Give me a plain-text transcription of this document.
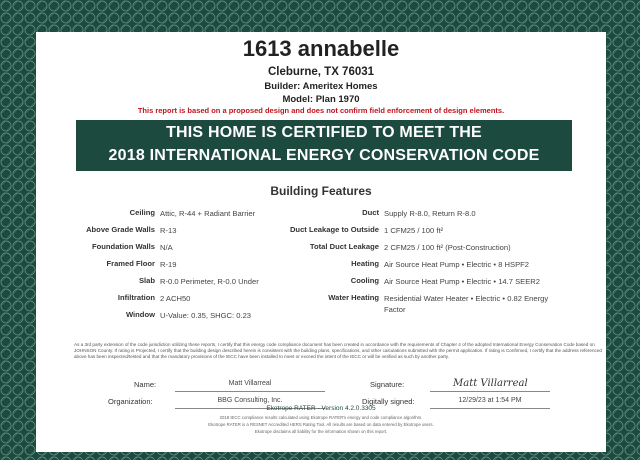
1613 annabelle
Cleburne, TX 76031
Builder: Ameritex Homes
Model: Plan 1970
This report is based on a proposed design and does not confirm field enforcement of design elements.
THIS HOME IS CERTIFIED TO MEET THE
2018 INTERNATIONAL ENERGY CONSERVATION CODE
Building Features
Ceiling Attic, R-44 + Radiant Barrier
Above Grade Walls R-13
Foundation Walls N/A
Framed Floor R-19
Slab R-0.0 Perimeter, R-0.0 Under
Infiltration 2 ACH50
Window U-Value: 0.35, SHGC: 0.23
Duct Supply R-8.0, Return R-8.0
Duct Leakage to Outside 1 CFM25 / 100 ft²
Total Duct Leakage 2 CFM25 / 100 ft² (Post-Construction)
Heating Air Source Heat Pump • Electric • 8 HSPF2
Cooling Air Source Heat Pump • Electric • 14.7 SEER2
Water Heating Residential Water Heater • Electric • 0.82 Energy Factor
As a 3rd party extension of the code jurisdiction utilizing these reports, I certify that this energy code compliance document has been created in accordance with the requirements of Chapter 4 of the adopted International Energy Conservation Code based on JOHNSON County. If rating is Projected, I certify that the building design described herein is consistent with the building plans, specifications, and other calculations submitted with the permit application. If rating is Confirmed, I certify that the address referenced above has been inspected/tested and that the mandatory provisions of the IECC have been installed to meet or exceed the intent of the IECC or will be verified as such by another party.
Name:	Matt Villarreal	Signature:	Matt Villarreal
Organization:	BBG Consulting, Inc.	Digitally signed:	12/29/23 at 1:54 PM
Ekotrope RATER - Version 4.2.0.3305
2018 IECC compliance results calculated using Ekotrope RATER's energy and code compliance algorithm.
Ekotrope RATER is a RESNET Accredited HERS Rating Tool. All results are based on data entered by Ekotrope users.
Ekotrope disclaims all liability for the information shown on this report.
